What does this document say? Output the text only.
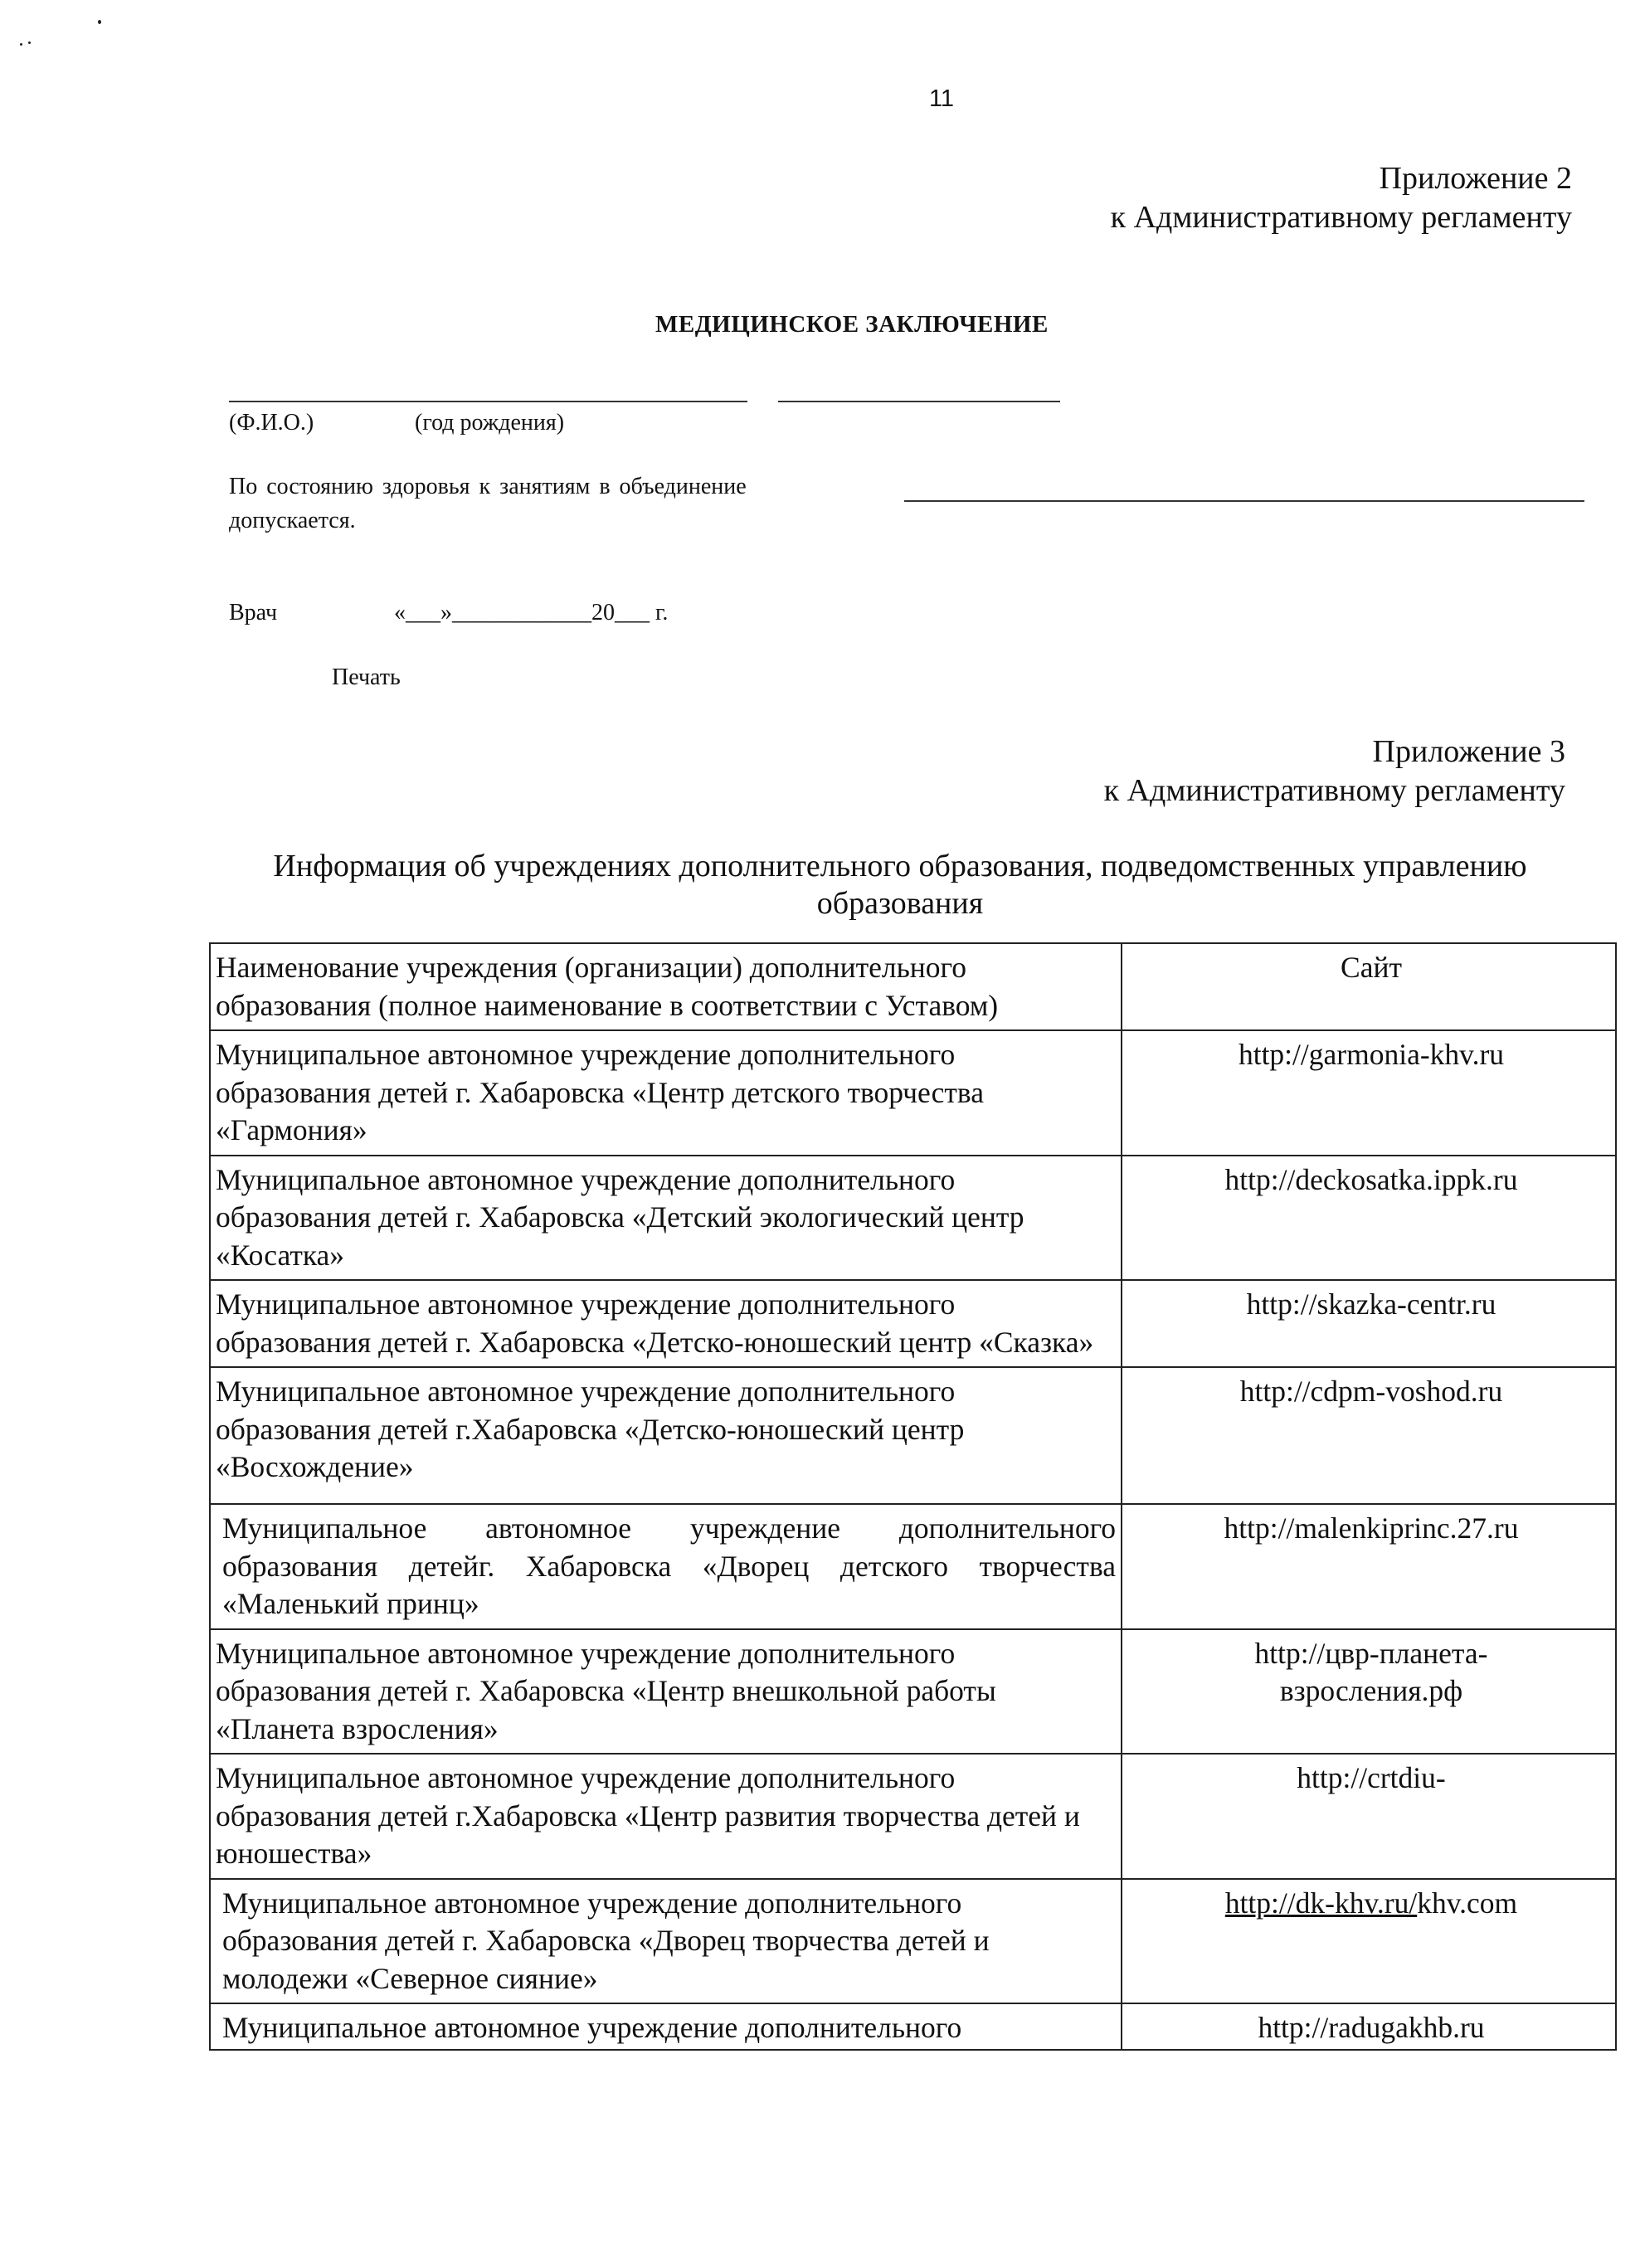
11
Приложение 2
к Административному регламенту
МЕДИЦИНСКОЕ ЗАКЛЮЧЕНИЕ
(Ф.И.О.)	(год рождения)
По состоянию здоровья к занятиям в объединение
допускается.
Врач	«___»____________20___ г.
Печать
Приложение 3
к Административному регламенту
Информация об учреждениях дополнительного образования, подведомственных управлению
образования
Наименование учреждения (организации) дополнительного образования (полное наименование в соответствии с Уставом)	Сайт
Муниципальное автономное учреждение дополнительного образования детей г. Хабаровска «Центр детского творчества «Гармония»	http://garmonia-khv.ru
Муниципальное автономное учреждение дополнительного образования детей г. Хабаровска «Детский экологический центр «Косатка»	http://deckosatka.ippk.ru
Муниципальное автономное учреждение дополнительного образования детей г. Хабаровска «Детско-юношеский центр «Сказка»	http://skazka-centr.ru
Муниципальное автономное учреждение дополнительного образования детей г.Хабаровска «Детско-юношеский центр «Восхождение»	http://cdpm-voshod.ru
Муниципальное автономное учреждение дополнительного образования детейг. Хабаровска «Дворец детского творчества «Маленький принц»	http://malenkiprinc.27.ru
Муниципальное автономное учреждение дополнительного образования детей г. Хабаровска «Центр внешкольной работы «Планета взросления»	http://цвр-планета-
взросления.рф
Муниципальное автономное учреждение дополнительного образования детей г.Хабаровска «Центр развития творчества детей и юношества»	http://crtdiu-
Муниципальное автономное учреждение дополнительного образования детей г. Хабаровска «Дворец творчества детей и молодежи «Северное сияние»	http://dk-khv.ru/khv.com
Муниципальное автономное учреждение дополнительного	http://radugakhb.ru
